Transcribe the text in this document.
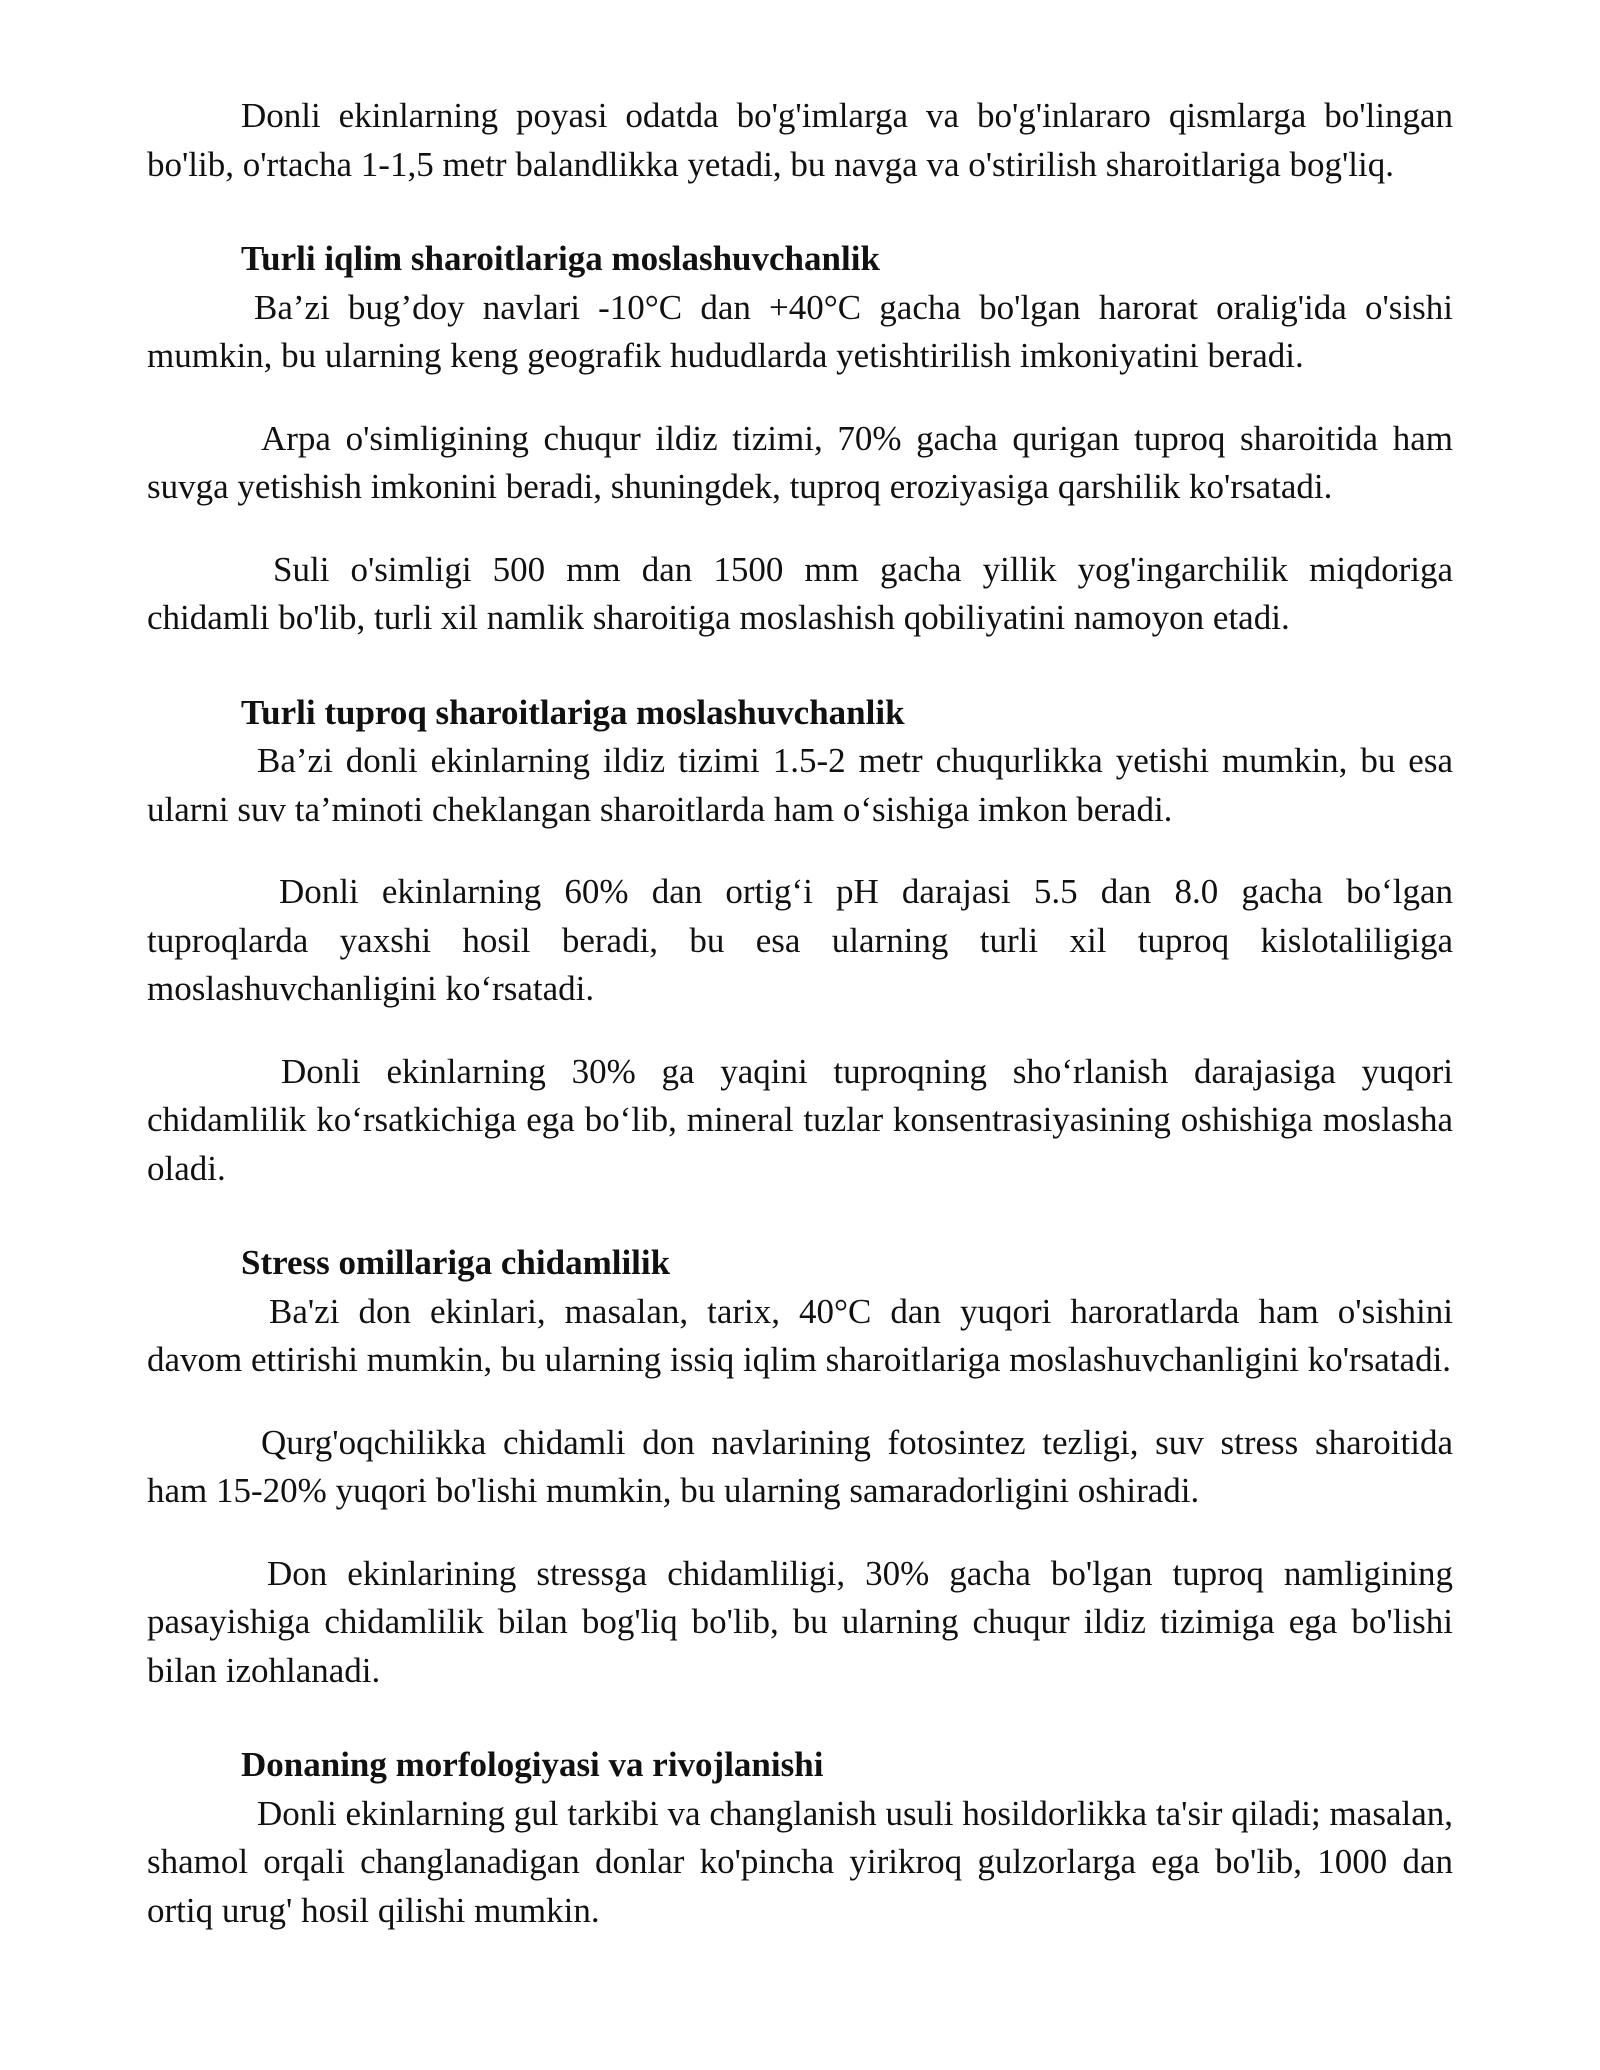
Donli ekinlarning poyasi odatda bo'g'imlarga va bo'g'inlararo qismlarga bo'lingan bo'lib, o'rtacha 1-1,5 metr balandlikka yetadi, bu navga va o'stirilish sharoitlariga bog'liq.

Turli iqlim sharoitlariga moslashuvchanlik

Ba’zi bug’doy navlari -10°C dan +40°C gacha bo'lgan harorat oralig'ida o'sishi mumkin, bu ularning keng geografik hududlarda yetishtirilish imkoniyatini beradi.

Arpa o'simligining chuqur ildiz tizimi, 70% gacha qurigan tuproq sharoitida ham suvga yetishish imkonini beradi, shuningdek, tuproq eroziyasiga qarshilik ko'rsatadi.

Suli o'simligi 500 mm dan 1500 mm gacha yillik yog'ingarchilik miqdoriga chidamli bo'lib, turli xil namlik sharoitiga moslashish qobiliyatini namoyon etadi.

Turli tuproq sharoitlariga moslashuvchanlik

Ba’zi donli ekinlarning ildiz tizimi 1.5-2 metr chuqurlikka yetishi mumkin, bu esa ularni suv ta’minoti cheklangan sharoitlarda ham o‘sishiga imkon beradi.

Donli ekinlarning 60% dan ortig‘i pH darajasi 5.5 dan 8.0 gacha bo‘lgan tuproqlarda yaxshi hosil beradi, bu esa ularning turli xil tuproq kislotaliligiga moslashuvchanligini ko‘rsatadi.

Donli ekinlarning 30% ga yaqini tuproqning sho‘rlanish darajasiga yuqori chidamlilik ko‘rsatkichiga ega bo‘lib, mineral tuzlar konsentrasiyasining oshishiga moslasha oladi.

Stress omillariga chidamlilik

Ba'zi don ekinlari, masalan, tarix, 40°C dan yuqori haroratlarda ham o'sishini davom ettirishi mumkin, bu ularning issiq iqlim sharoitlariga moslashuvchanligini ko'rsatadi.

Qurg'oqchilikka chidamli don navlarining fotosintez tezligi, suv stress sharoitida ham 15-20% yuqori bo'lishi mumkin, bu ularning samaradorligini oshiradi.

Don ekinlarining stressga chidamliligi, 30% gacha bo'lgan tuproq namligining pasayishiga chidamlilik bilan bog'liq bo'lib, bu ularning chuqur ildiz tizimiga ega bo'lishi bilan izohlanadi.

Donaning morfologiyasi va rivojlanishi

Donli ekinlarning gul tarkibi va changlanish usuli hosildorlikka ta'sir qiladi; masalan, shamol orqali changlanadigan donlar ko'pincha yirikroq gulzorlarga ega bo'lib, 1000 dan ortiq urug' hosil qilishi mumkin.
